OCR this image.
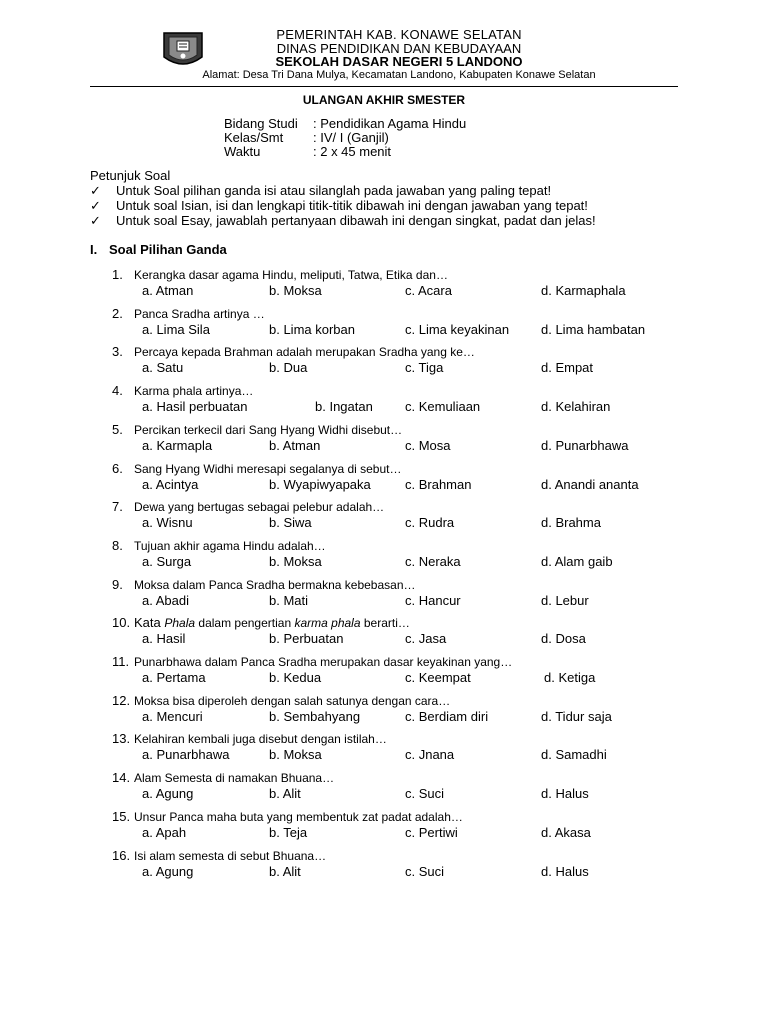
PEMERINTAH KAB. KONAWE SELATAN
DINAS PENDIDIKAN DAN KEBUDAYAAN
SEKOLAH DASAR NEGERI 5 LANDONO
Alamat: Desa Tri Dana Mulya, Kecamatan Landono, Kabupaten Konawe Selatan
ULANGAN AKHIR SMESTER
Bidang Studi	: Pendidikan Agama Hindu
Kelas/Smt	: IV/ I (Ganjil)
Waktu	: 2 x 45 menit
Petunjuk Soal
✓	Untuk Soal pilihan ganda isi atau silanglah pada jawaban yang paling tepat!
✓	Untuk soal Isian, isi dan lengkapi titik-titik dibawah ini dengan jawaban yang tepat!
✓	Untuk soal Esay, jawablah pertanyaan dibawah ini dengan singkat, padat dan jelas!
I. Soal Pilihan Ganda
1. Kerangka dasar agama Hindu, meliputi, Tatwa, Etika dan…
a. Atman	b. Moksa	c. Acara	d. Karmaphala
2. Panca Sradha artinya …
a. Lima Sila	b. Lima korban	c. Lima keyakinan d. Lima hambatan
3. Percaya kepada Brahman adalah merupakan Sradha yang ke…
a. Satu	b. Dua	c. Tiga	d. Empat
4. Karma phala artinya…
a. Hasil perbuatan	b. Ingatan c. Kemuliaan	d. Kelahiran
5. Percikan terkecil dari Sang Hyang Widhi disebut…
a. Karmapla	b. Atman	c. Mosa	d. Punarbhawa
6. Sang Hyang Widhi meresapi segalanya di sebut…
a. Acintya	b. Wyapiwyapaka	c. Brahman	d. Anandi ananta
7. Dewa yang bertugas sebagai pelebur adalah…
a. Wisnu	b. Siwa	c. Rudra	d. Brahma
8. Tujuan akhir agama Hindu adalah…
a. Surga	b. Moksa	c. Neraka	d. Alam gaib
9. Moksa dalam Panca Sradha bermakna kebebasan…
a. Abadi	b. Mati	c. Hancur	d. Lebur
10. Kata Phala dalam pengertian karma phala berarti…
a. Hasil	b. Perbuatan	c. Jasa	d. Dosa
11. Punarbhawa dalam Panca Sradha merupakan dasar keyakinan yang…
a. Pertama	b. Kedua	c. Keempat	d. Ketiga
12. Moksa bisa diperoleh dengan salah satunya dengan cara…
a. Mencuri	b. Sembahyang	c. Berdiam diri	d. Tidur saja
13. Kelahiran kembali juga disebut dengan istilah…
a. Punarbhawa	b. Moksa	c. Jnana	d. Samadhi
14. Alam Semesta di namakan Bhuana…
a. Agung	b. Alit	c. Suci	d. Halus
15. Unsur Panca maha buta yang membentuk zat padat adalah…
a. Apah	b. Teja	c. Pertiwi	d. Akasa
16. Isi alam semesta di sebut Bhuana…
a. Agung	b. Alit	c. Suci	d. Halus
